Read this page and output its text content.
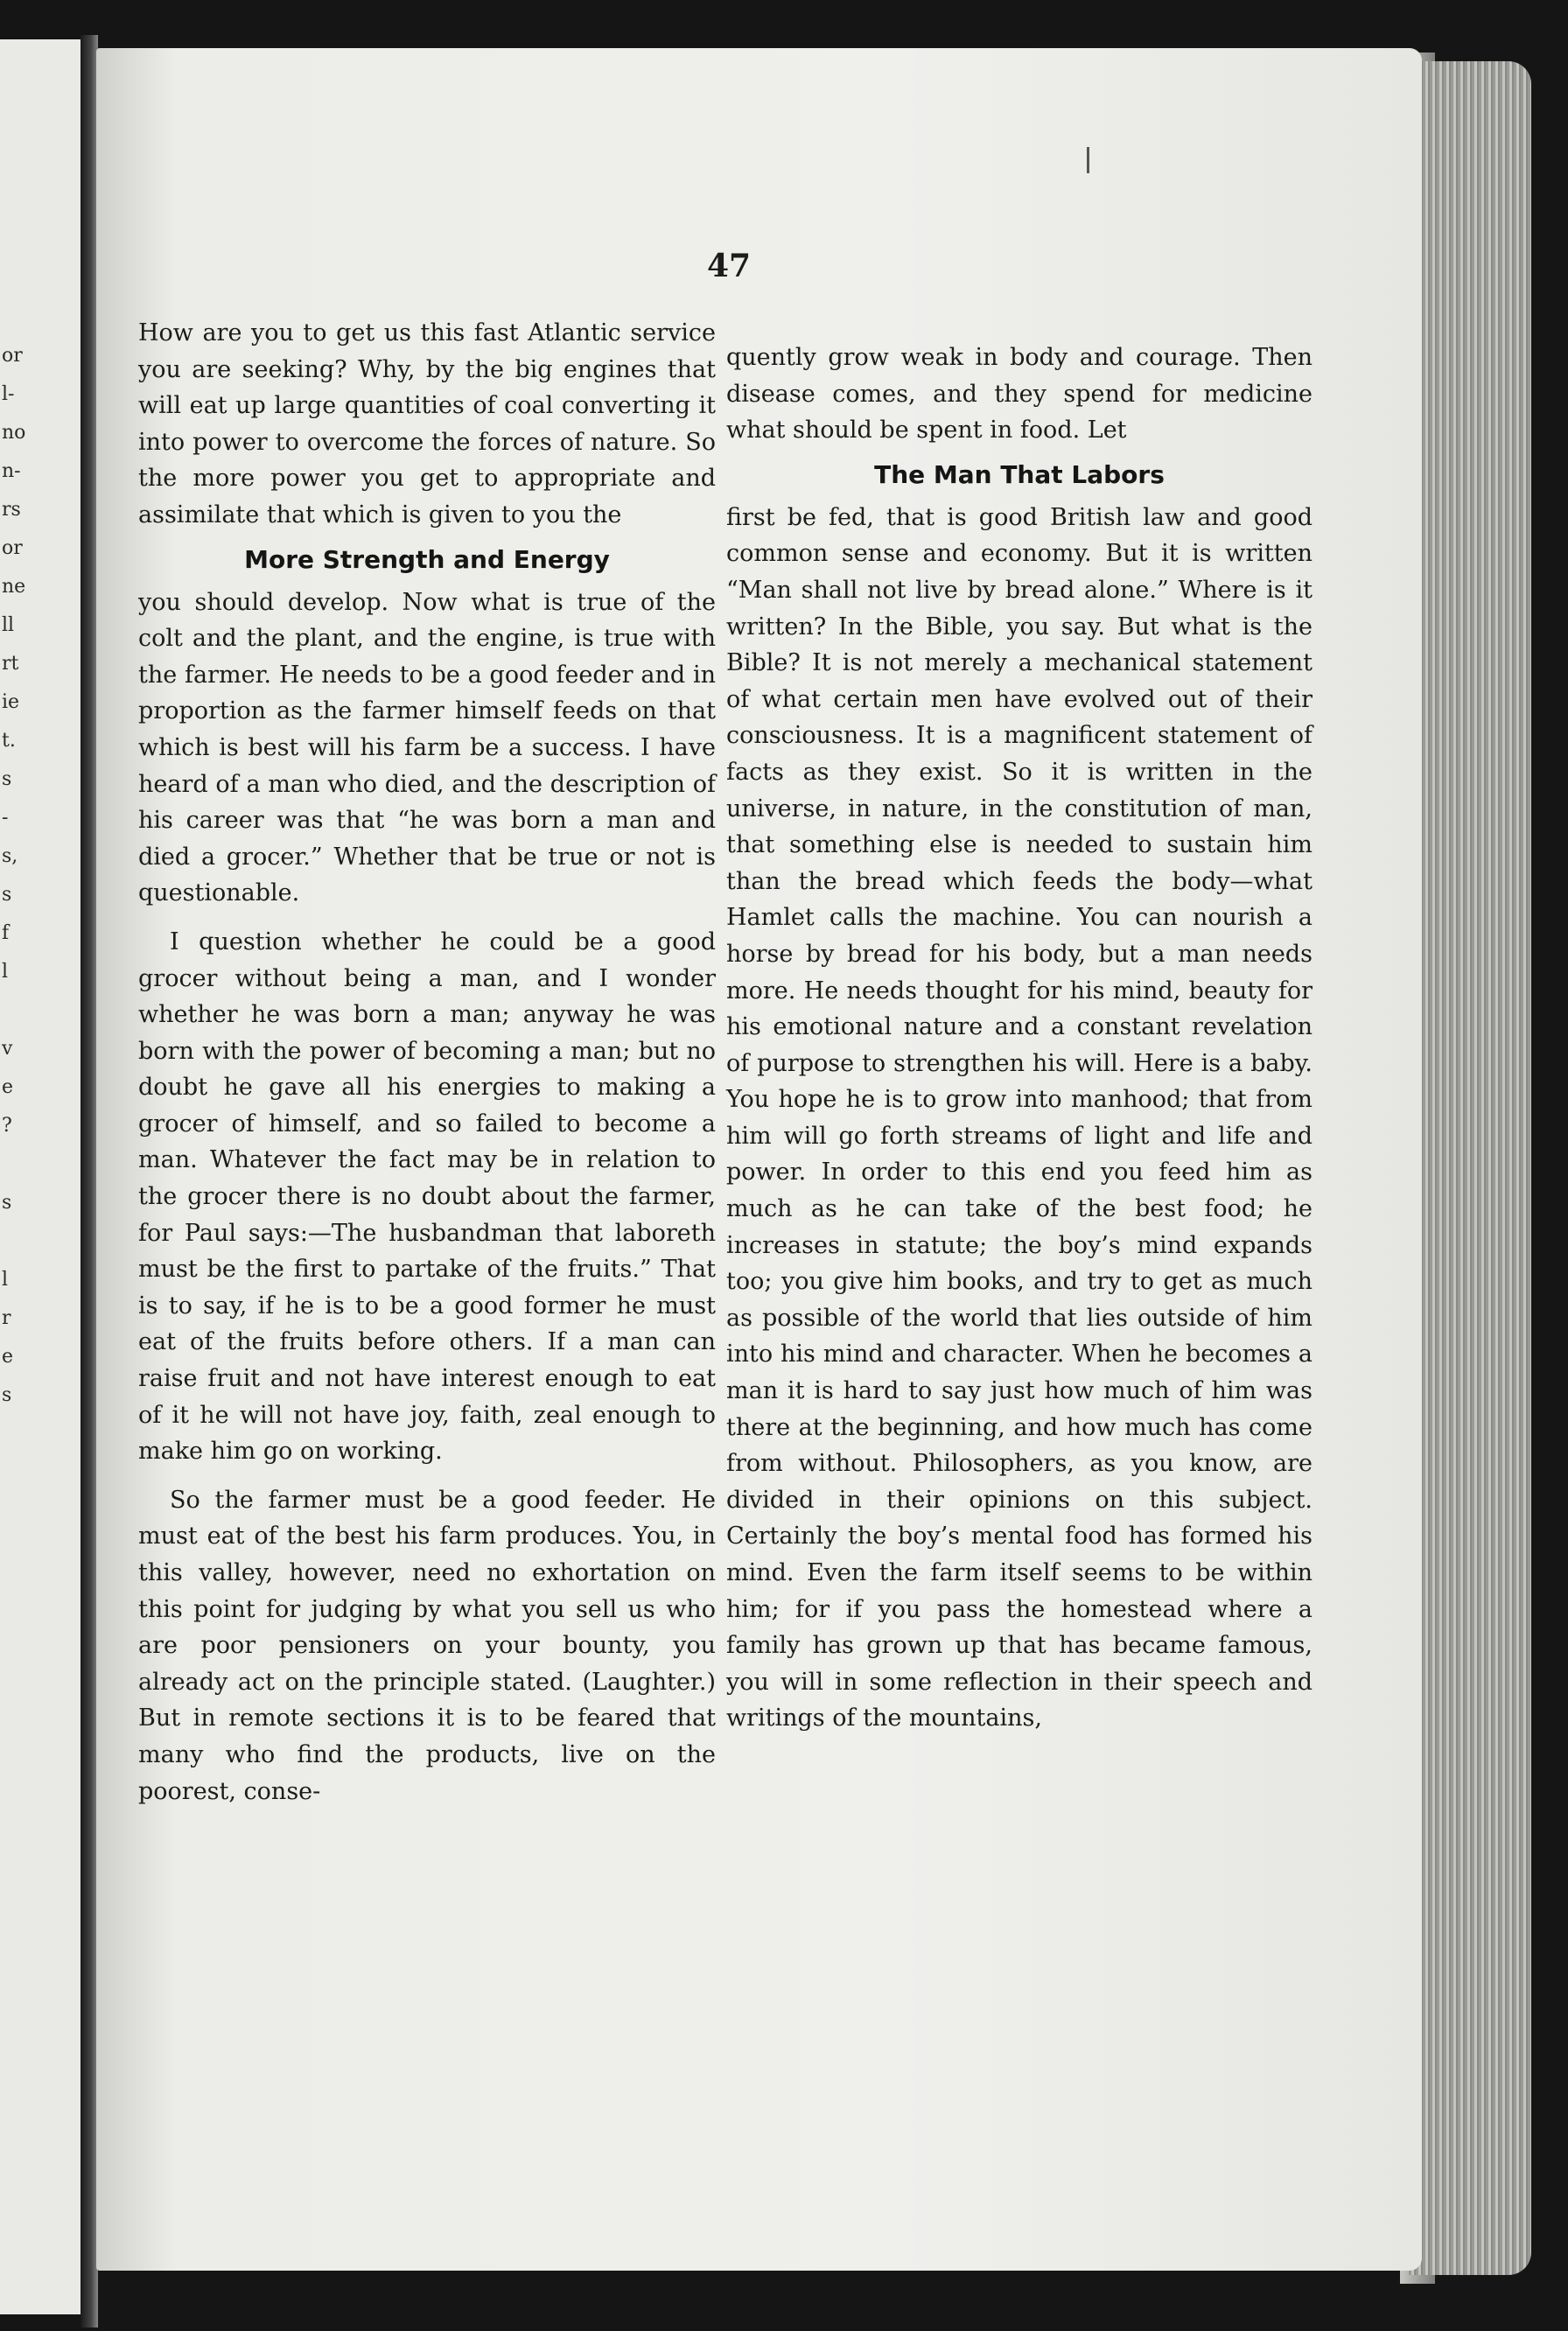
or
l-
no
n-
rs
or
ne
ll
rt
ie
t.
s
-
s,
s
f
l

v
e
?

s

l
r
e
s

47

How are you to get us this fast Atlantic service you are seeking? Why, by the big engines that will eat up large quantities of coal converting it into power to overcome the forces of nature. So the more power you get to appropriate and assimilate that which is given to you the

More Strength and Energy

you should develop. Now what is true of the colt and the plant, and the engine, is true with the farmer. He needs to be a good feeder and in proportion as the farmer himself feeds on that which is best will his farm be a success. I have heard of a man who died, and the description of his career was that “he was born a man and died a grocer.” Whether that be true or not is questionable.

I question whether he could be a good grocer without being a man, and I wonder whether he was born a man; anyway he was born with the power of becoming a man; but no doubt he gave all his energies to making a grocer of himself, and so failed to become a man. Whatever the fact may be in relation to the grocer there is no doubt about the farmer, for Paul says:—The husbandman that laboreth must be the first to partake of the fruits.” That is to say, if he is to be a good former he must eat of the fruits before others. If a man can raise fruit and not have interest enough to eat of it he will not have joy, faith, zeal enough to make him go on working.

So the farmer must be a good feeder. He must eat of the best his farm produces. You, in this valley, however, need no exhortation on this point for judging by what you sell us who are poor pensioners on your bounty, you already act on the principle stated. (Laughter.) But in remote sections it is to be feared that many who find the products, live on the poorest, conse-

quently grow weak in body and courage. Then disease comes, and they spend for medicine what should be spent in food. Let

The Man That Labors

first be fed, that is good British law and good common sense and economy. But it is written “Man shall not live by bread alone.” Where is it written? In the Bible, you say. But what is the Bible? It is not merely a mechanical statement of what certain men have evolved out of their consciousness. It is a magnificent statement of facts as they exist. So it is written in the universe, in nature, in the constitution of man, that something else is needed to sustain him than the bread which feeds the body—what Hamlet calls the machine. You can nourish a horse by bread for his body, but a man needs more. He needs thought for his mind, beauty for his emotional nature and a constant revelation of purpose to strengthen his will. Here is a baby. You hope he is to grow into manhood; that from him will go forth streams of light and life and power. In order to this end you feed him as much as he can take of the best food; he increases in statute; the boy’s mind expands too; you give him books, and try to get as much as possible of the world that lies outside of him into his mind and character. When he becomes a man it is hard to say just how much of him was there at the beginning, and how much has come from without. Philosophers, as you know, are divided in their opinions on this subject. Certainly the boy’s mental food has formed his mind. Even the farm itself seems to be within him; for if you pass the homestead where a family has grown up that has became famous, you will in some reflection in their speech and writings of the mountains,
